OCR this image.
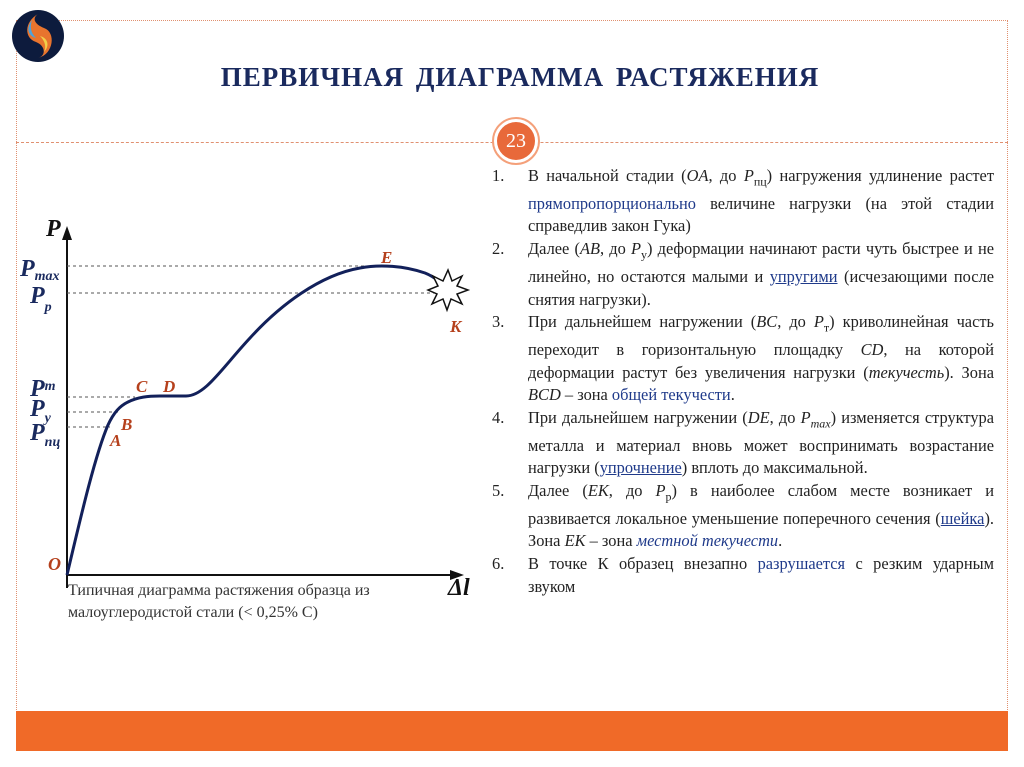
ПЕРВИЧНАЯ ДИАГРАММА РАСТЯЖЕНИЯ
23
P
Δl
O
Pmax
$P_р$
$P^т$
$P_у$
$P_{пц}$	A
B
C D
E
K
Типичная диаграмма растяжения образца из малоуглеродистой стали (< 0,25% С)
1. В начальной стадии (OA, до $P_{пц}$) нагружения удлинение растет прямопропорционально величине нагрузки (на этой стадии справедлив закон Гука)
2. Далее (AB, до $P_у$) деформации начинают расти чуть быстрее и не линейно, но остаются малыми и упругими (исчезающими после снятия нагрузки).
3. При дальнейшем нагружении (BC, до $P_т$) криволинейная часть переходит в горизонтальную площадку CD, на которой деформации растут без увеличения нагрузки (текучесть). Зона BCD – зона общей текучести.
4. При дальнейшем нагружении (DE, до $P_{max}$) изменяется структура металла и материал вновь может воспринимать возрастание нагрузки (упрочнение) вплоть до максимальной.
5. Далее (EK, до $P_р$) в наиболее слабом месте возникает и развивается локальное уменьшение поперечного сечения (шейка). Зона EK – зона местной текучести.
6. В точке К образец внезапно разрушается с резким ударным звуком
